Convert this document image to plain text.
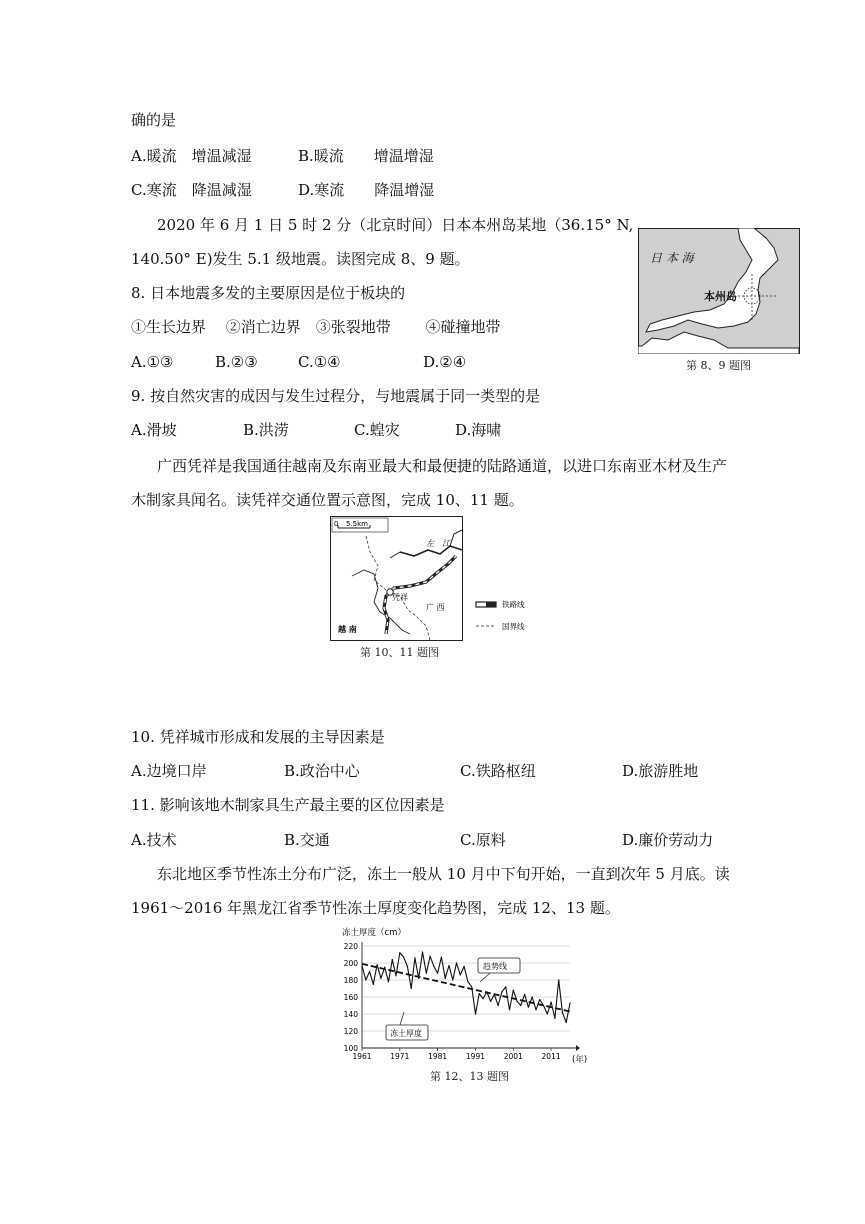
确的是
A.暖流　增温减湿	B.暖流　　增温增湿
C.寒流　降温减湿	D.寒流　　降温增湿
2020 年 6 月 1 日 5 时 2 分（北京时间）日本本州岛某地（36.15° N,
140.50° E)发生 5.1 级地震。读图完成 8、9 题。	日 本 海
本州岛
第 8、9 题图
8. 日本地震多发的主要原因是位于板块的
①生长边界　 ②消亡边界　③张裂地带　　 ④碰撞地带
A.①③	B.②③	C.①④	D.②④
9. 按自然灾害的成因与发生过程分，与地震属于同一类型的是
A.滑坡	B.洪涝	C.蝗灾	D.海啸
广西凭祥是我国通往越南及东南亚最大和最便捷的陆路通道，以进口东南亚木材及生产
木制家具闻名。读凭祥交通位置示意图，完成 10、11 题。
0 5.5km
左　江
凭祥
广 西
越 南
铁路线
国界线
第 10、11 题图
10. 凭祥城市形成和发展的主导因素是
A.边境口岸	B.政治中心	C.铁路枢纽	D.旅游胜地
11. 影响该地木制家具生产最主要的区位因素是
A.技术	B.交通	C.原料	D.廉价劳动力
东北地区季节性冻土分布广泛，冻土一般从 10 月中下旬开始，一直到次年 5 月底。读
1961～2016 年黑龙江省季节性冻土厚度变化趋势图，完成 12、13 题。
100
120
140
160
180
200
220
1961 1971 1981 1991 2001 2011
冻土厚度（cm）
(年)
趋势线
冻土厚度
第 12、13 题图
